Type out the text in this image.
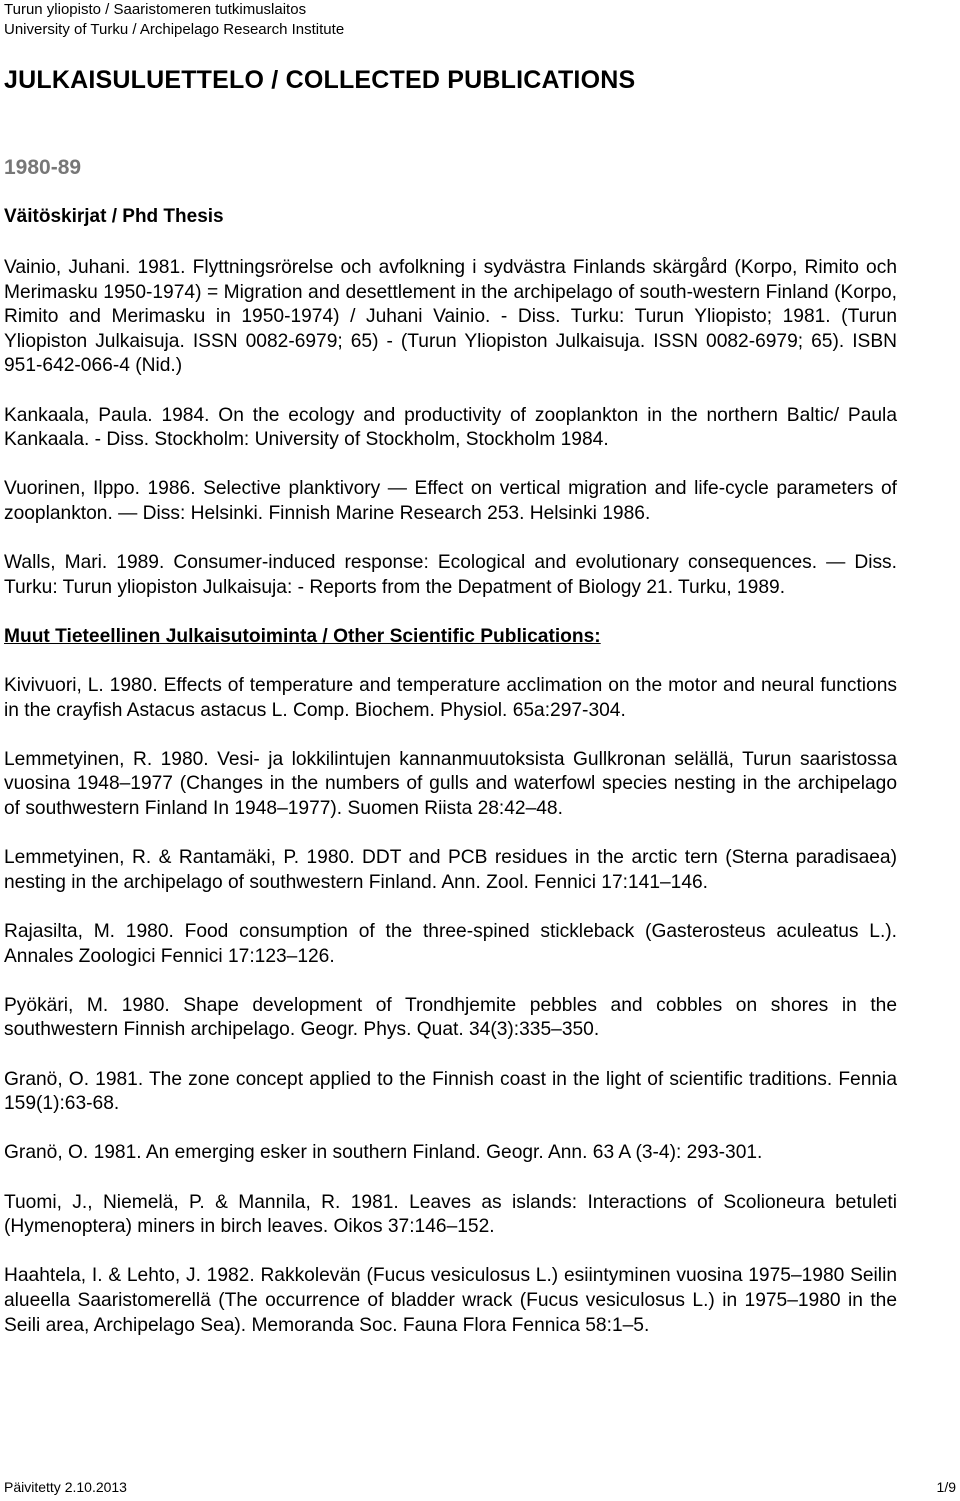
Turun yliopisto / Saaristomeren tutkimuslaitos
University of Turku / Archipelago Research Institute
JULKAISULUETTELO / COLLECTED PUBLICATIONS
1980-89
Väitöskirjat / Phd Thesis

Vainio, Juhani. 1981. Flyttningsrörelse och avfolkning i sydvästra Finlands skärgård (Korpo, Rimito och Merimasku 1950-1974) = Migration and desettlement in the archipelago of south-western Finland (Korpo, Rimito and Merimasku in 1950-1974) / Juhani Vainio. - Diss. Turku: Turun Yliopisto; 1981. (Turun Yliopiston Julkaisuja. ISSN 0082-6979; 65) - (Turun Yliopiston Julkaisuja. ISSN 0082-6979; 65). ISBN 951-642-066-4 (Nid.)

Kankaala, Paula. 1984. On the ecology and productivity of zooplankton in the northern Baltic/ Paula Kankaala. - Diss. Stockholm: University of Stockholm, Stockholm 1984.

Vuorinen, Ilppo. 1986. Selective planktivory — Effect on vertical migration and life-cycle parameters of zooplankton. — Diss: Helsinki. Finnish Marine Research 253. Helsinki 1986.

Walls, Mari. 1989. Consumer-induced response: Ecological and evolutionary consequences. — Diss. Turku: Turun yliopiston Julkaisuja: - Reports from the Depatment of Biology 21. Turku, 1989.

Muut Tieteellinen Julkaisutoiminta / Other Scientific Publications:

Kivivuori, L. 1980. Effects of temperature and temperature acclimation on the motor and neural functions in the crayfish Astacus astacus L. Comp. Biochem. Physiol. 65a:297-304.

Lemmetyinen, R. 1980. Vesi- ja lokkilintujen kannanmuutoksista Gullkronan selällä, Turun saaristossa vuosina 1948–1977 (Changes in the numbers of gulls and waterfowl species nesting in the archipelago of southwestern Finland In 1948–1977). Suomen Riista 28:42–48.

Lemmetyinen, R. & Rantamäki, P. 1980. DDT and PCB residues in the arctic tern (Sterna paradisaea) nesting in the archipelago of southwestern Finland. Ann. Zool. Fennici 17:141–146.

Rajasilta, M. 1980. Food consumption of the three-spined stickleback (Gasterosteus aculeatus L.). Annales Zoologici Fennici 17:123–126.

Pyökäri, M. 1980. Shape development of Trondhjemite pebbles and cobbles on shores in the southwestern Finnish archipelago. Geogr. Phys. Quat. 34(3):335–350.

Granö, O. 1981. The zone concept applied to the Finnish coast in the light of scientific traditions. Fennia 159(1):63-68.

Granö, O. 1981. An emerging esker in southern Finland. Geogr. Ann. 63 A (3-4): 293-301.

Tuomi, J., Niemelä, P. & Mannila, R. 1981. Leaves as islands: Interactions of Scolioneura betuleti (Hymenoptera) miners in birch leaves. Oikos 37:146–152.

Haahtela, I. & Lehto, J. 1982. Rakkolevän (Fucus vesiculosus L.) esiintyminen vuosina 1975–1980 Seilin alueella Saaristomerellä (The occurrence of bladder wrack (Fucus vesiculosus L.) in 1975–1980 in the Seili area, Archipelago Sea). Memoranda Soc. Fauna Flora Fennica 58:1–5.

Päivitetty 2.10.2013	1/9
